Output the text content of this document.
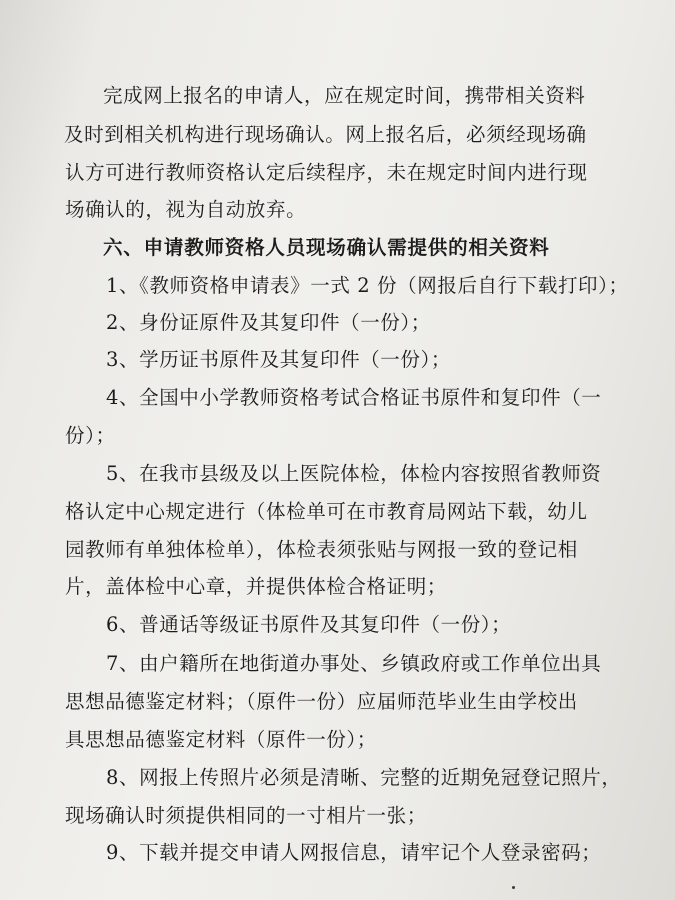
完成网上报名的申请人，应在规定时间，携带相关资料
及时到相关机构进行现场确认。网上报名后，必须经现场确
认方可进行教师资格认定后续程序，未在规定时间内进行现
场确认的，视为自动放弃。
六、申请教师资格人员现场确认需提供的相关资料
1、《教师资格申请表》一式 2 份（网报后自行下载打印）；
2、身份证原件及其复印件（一份）；
3、学历证书原件及其复印件（一份）；
4、全国中小学教师资格考试合格证书原件和复印件（一
份）；
5、在我市县级及以上医院体检，体检内容按照省教师资
格认定中心规定进行（体检单可在市教育局网站下载，幼儿
园教师有单独体检单），体检表须张贴与网报一致的登记相
片，盖体检中心章，并提供体检合格证明；
6、普通话等级证书原件及其复印件（一份）；
7、由户籍所在地街道办事处、乡镇政府或工作单位出具
思想品德鉴定材料；（原件一份）应届师范毕业生由学校出
具思想品德鉴定材料（原件一份）；
8、网报上传照片必须是清晰、完整的近期免冠登记照片，
现场确认时须提供相同的一寸相片一张；
9、下载并提交申请人网报信息，请牢记个人登录密码；
